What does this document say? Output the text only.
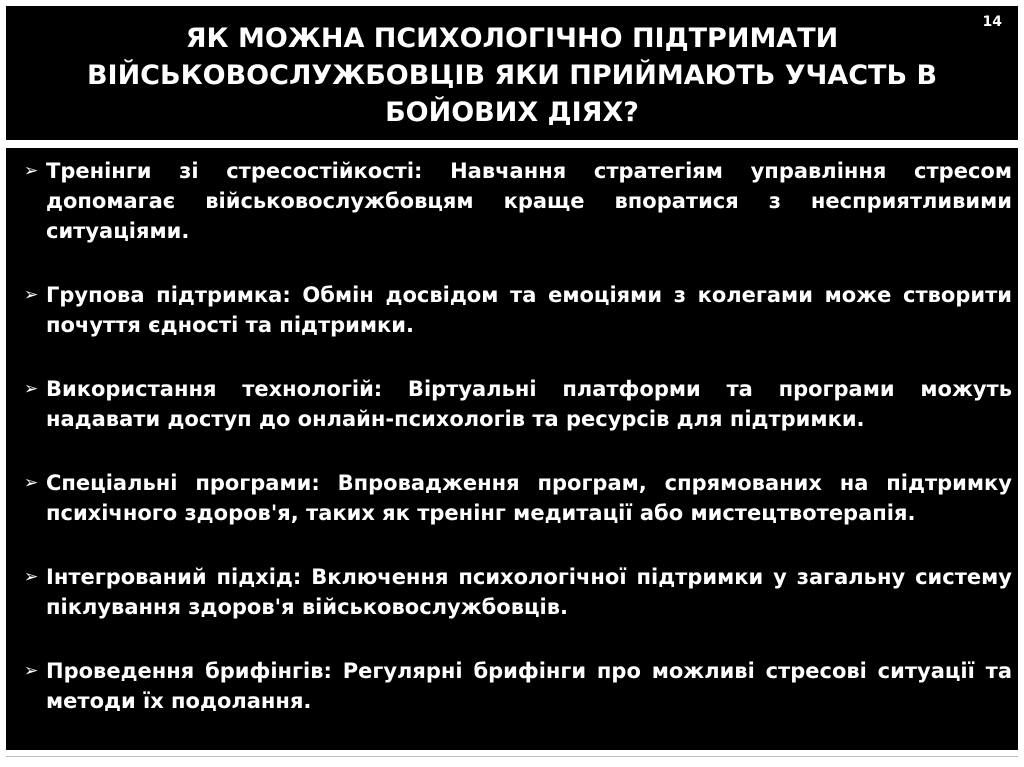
ЯК МОЖНА ПСИХОЛОГІЧНО ПІДТРИМАТИ ВІЙСЬКОВОСЛУЖБОВЦІВ ЯКИ ПРИЙМАЮТЬ УЧАСТЬ В БОЙОВИХ ДІЯХ?
14
➢ Тренінги зі стресостійкості: Навчання стратегіям управління стресом допомагає військовослужбовцям краще впоратися з несприятливими ситуаціями.
➢ Групова підтримка: Обмін досвідом та емоціями з колегами може створити почуття єдності та підтримки.
➢ Використання технологій: Віртуальні платформи та програми можуть надавати доступ до онлайн-психологів та ресурсів для підтримки.
➢ Спеціальні програми: Впровадження програм, спрямованих на підтримку психічного здоров'я, таких як тренінг медитації або мистецтвотерапія.
➢ Інтегрований підхід: Включення психологічної підтримки у загальну систему піклування здоров'я військовослужбовців.
➢ Проведення брифінгів: Регулярні брифінги про можливі стресові ситуації та методи їх подолання.
